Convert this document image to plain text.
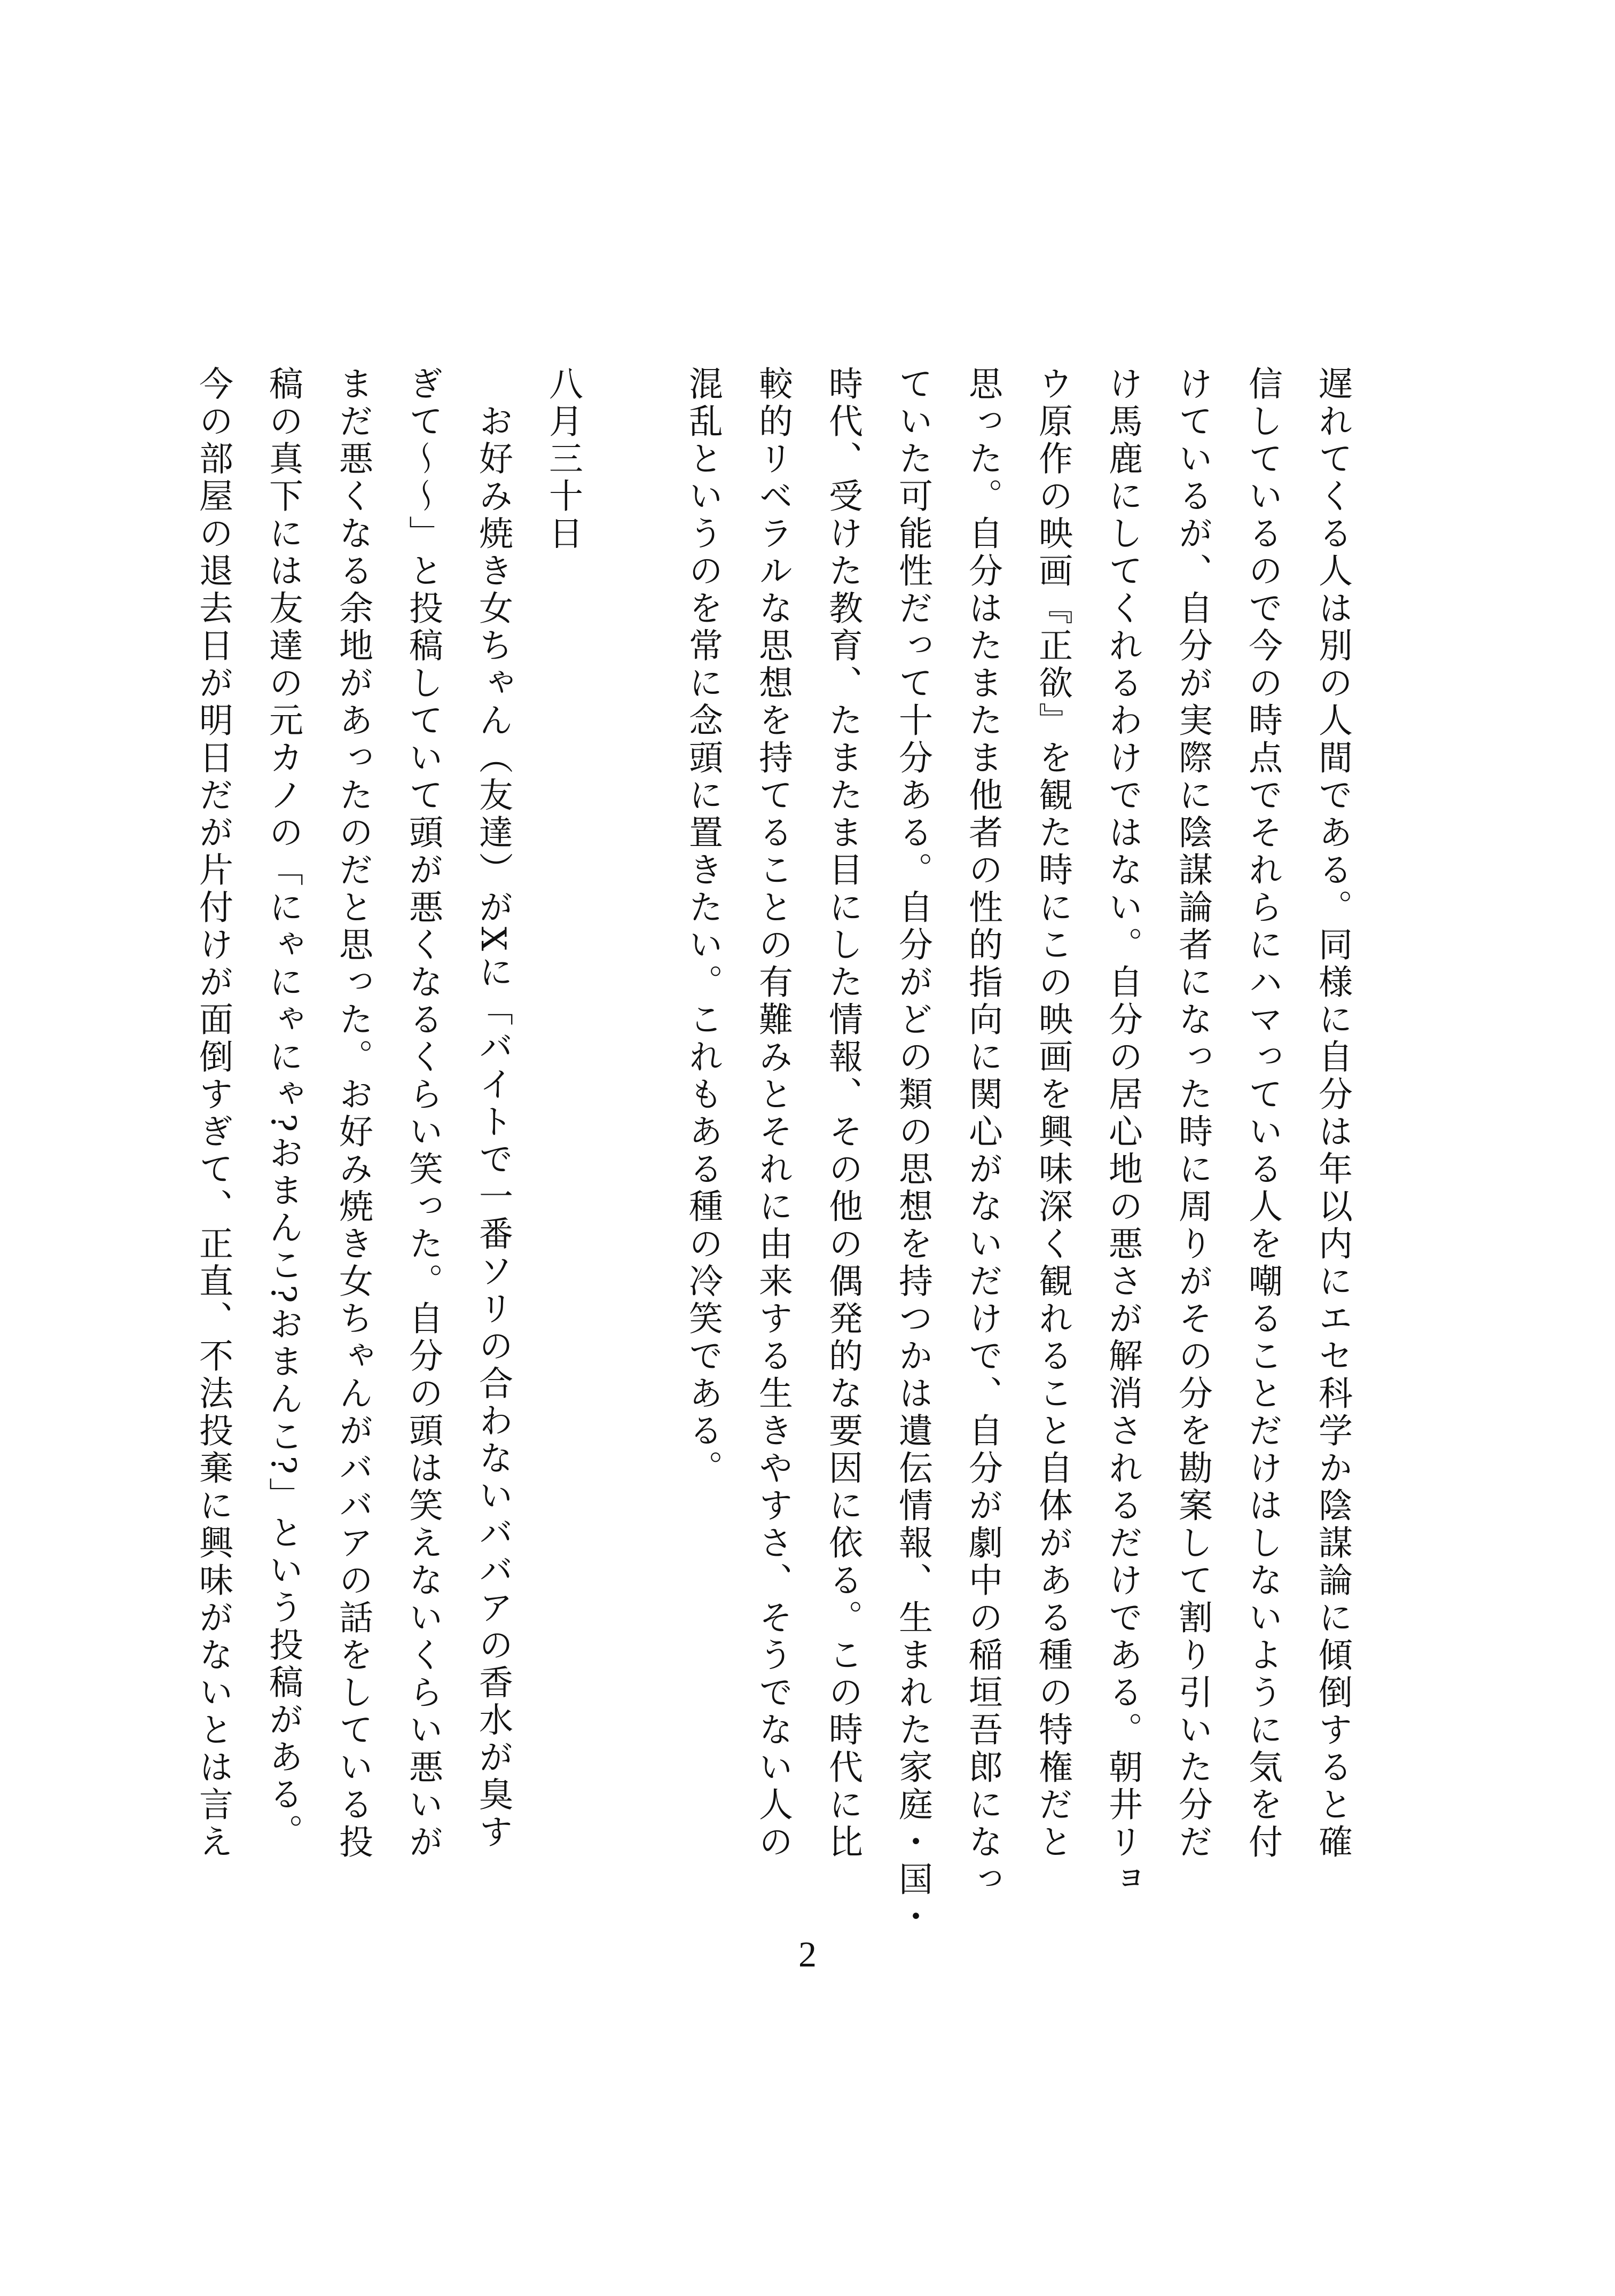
遅れてくる人は別の人間である。同様に自分は年以内にエセ科学か陰謀論に傾倒すると確
信しているので今の時点でそれらにハマっている人を嘲ることだけはしないように気を付
けているが、自分が実際に陰謀論者になった時に周りがその分を勘案して割り引いた分だ
け馬鹿にしてくれるわけではない。自分の居心地の悪さが解消されるだけである。朝井リョ
ウ原作の映画『正欲』を観た時にこの映画を興味深く観れること自体がある種の特権だと
思った。自分はたまたま他者の性的指向に関心がないだけで、自分が劇中の稲垣吾郎になっ
ていた可能性だって十分ある。自分がどの類の思想を持つかは遺伝情報、生まれた家庭・国・
時代、受けた教育、たまたま目にした情報、その他の偶発的な要因に依る。この時代に比
較的リベラルな思想を持てることの有難みとそれに由来する生きやすさ、そうでない人の
混乱というのを常に念頭に置きたい。これもある種の冷笑である。

八月三十日
　お好み焼き女ちゃん（友達）がXに「バイトで一番ソリの合わないババアの香水が臭す
ぎて〜〜」と投稿していて頭が悪くなるくらい笑った。自分の頭は笑えないくらい悪いが
まだ悪くなる余地があったのだと思った。お好み焼き女ちゃんがババアの話をしている投
稿の真下には友達の元カノの「にゃにゃにゃ?おまんこ?おまんこ?」という投稿がある。
今の部屋の退去日が明日だが片付けが面倒すぎて、正直、不法投棄に興味がないとは言え
2
